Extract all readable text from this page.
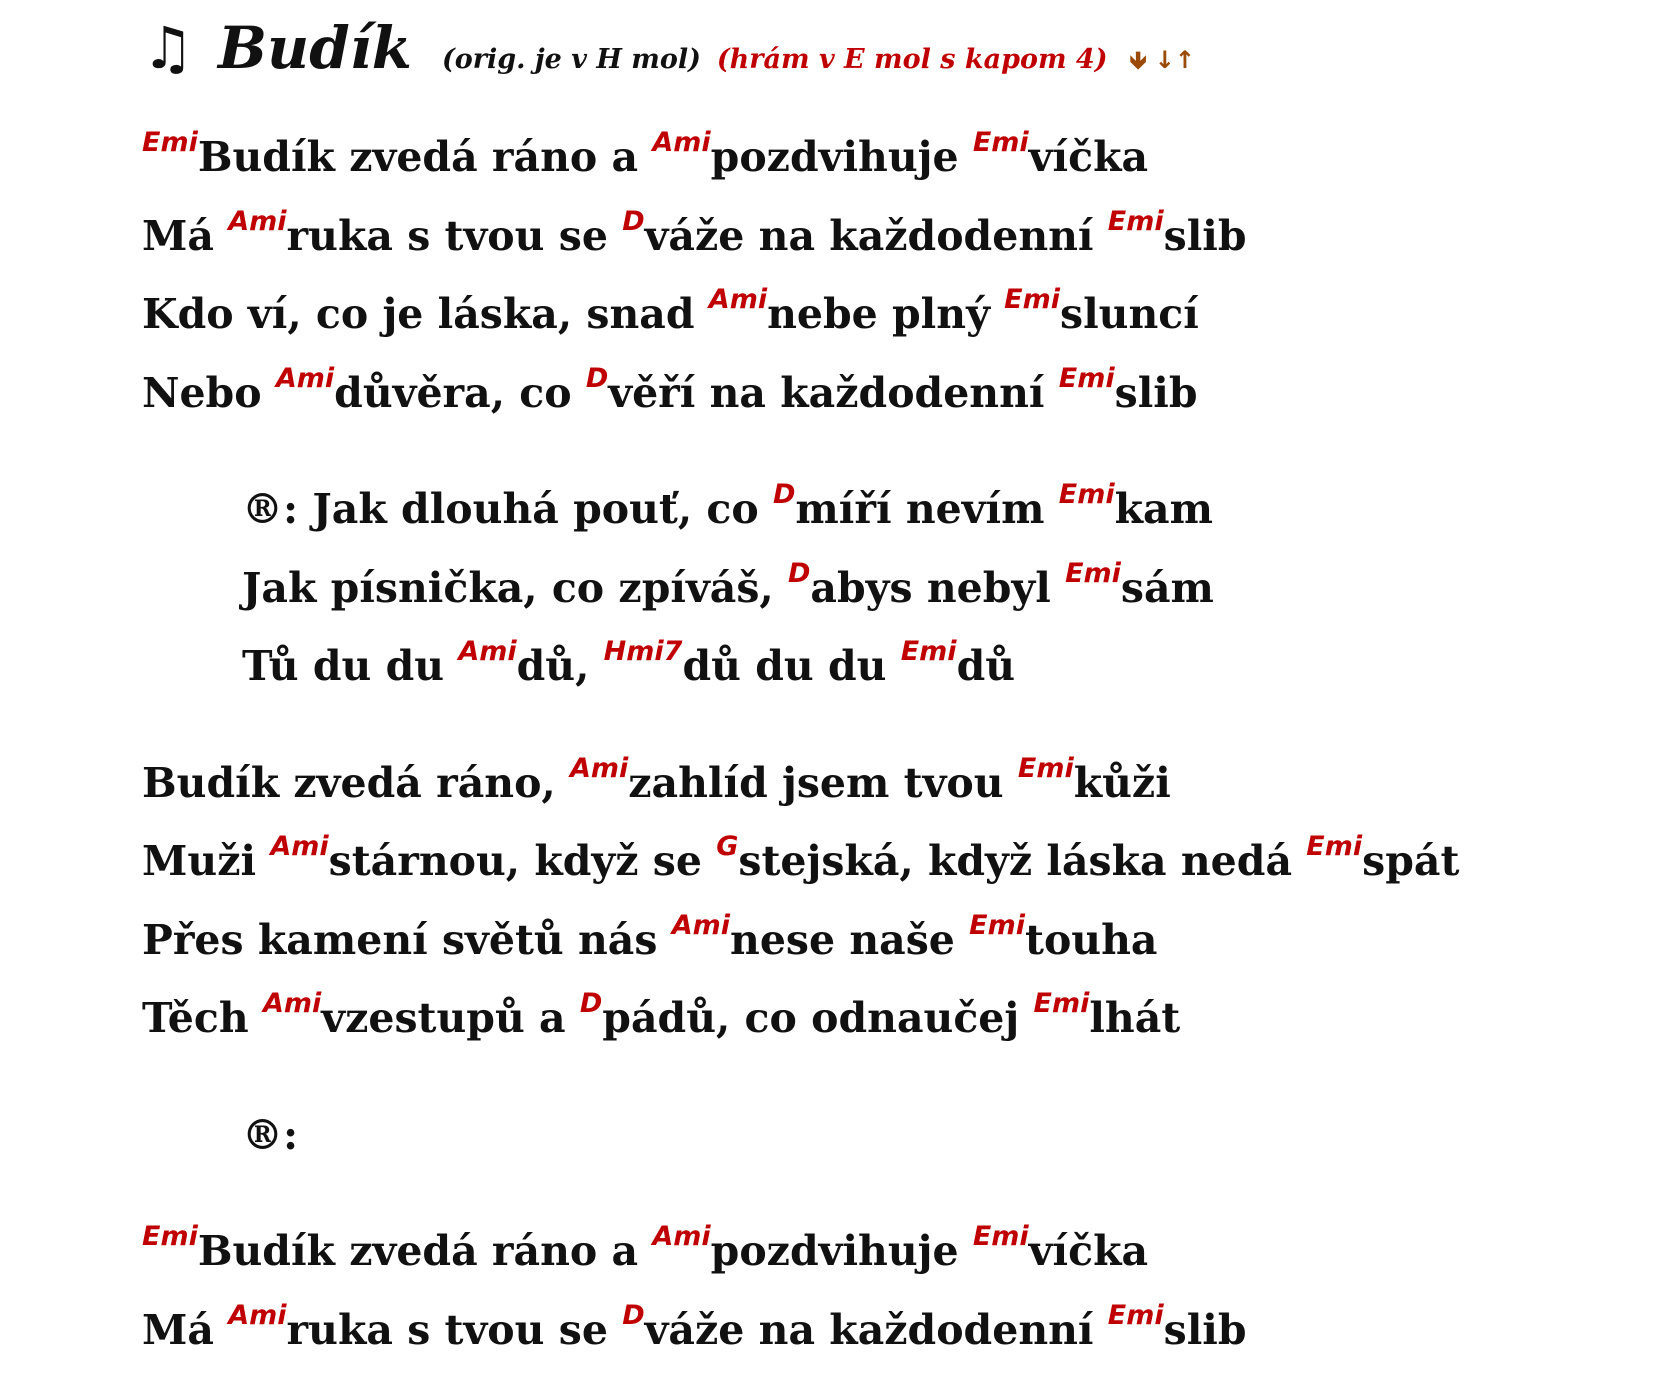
♫ Budík (orig. je v H mol) (hrám v E mol s kapom 4) 🡻 ↓↑
$^{Emi}$Budík zvedá ráno a $^{Ami}$pozdvihuje $^{Emi}$víčka
Má $^{Ami}$ruka s tvou se $^D$váže na každodenní $^{Emi}$slib
Kdo ví, co je láska, snad $^{Ami}$nebe plný $^{Emi}$sluncí
Nebo $^{Ami}$důvěra, co $^D$věří na každodenní $^{Emi}$slib
®: Jak dlouhá pouť, co $^D$míří nevím $^{Emi}$kam
Jak písnička, co zpíváš, $^D$abys nebyl $^{Emi}$sám
Tů du du $^{Ami}$dů, $^{Hmi7}$dů du du $^{Emi}$dů
Budík zvedá ráno, $^{Ami}$zahlíd jsem tvou $^{Emi}$kůži
Muži $^{Ami}$stárnou, když se $^G$stejská, když láska nedá $^{Emi}$spát
Přes kamení světů nás $^{Ami}$nese naše $^{Emi}$touha
Těch $^{Ami}$vzestupů a $^D$pádů, co odnaučej $^{Emi}$lhát
®:
$^{Emi}$Budík zvedá ráno a $^{Ami}$pozdvihuje $^{Emi}$víčka
Má $^{Ami}$ruka s tvou se $^D$váže na každodenní $^{Emi}$slib
